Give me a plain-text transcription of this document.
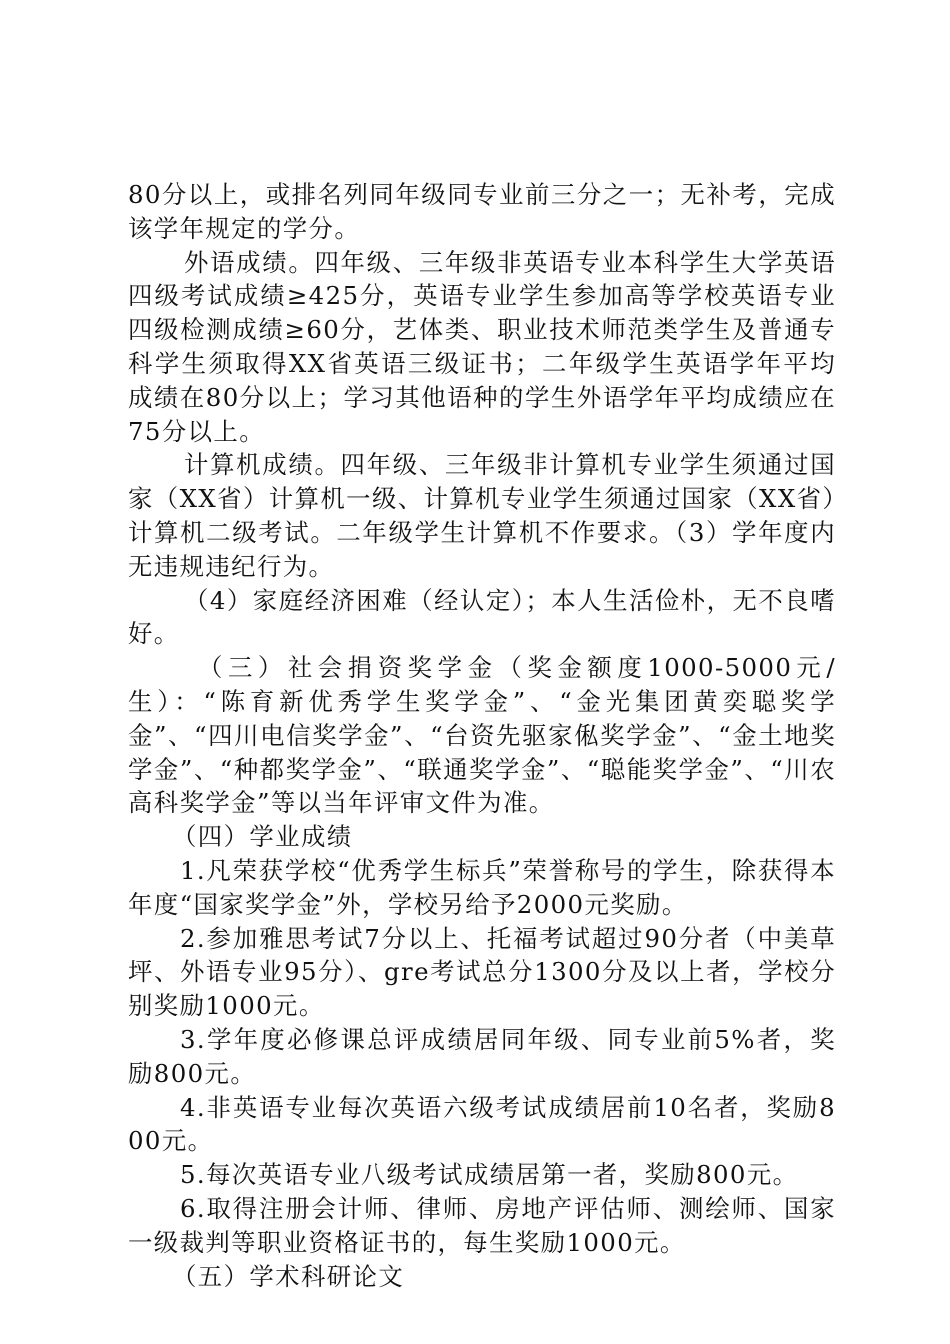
80分以上，或排名列同年级同专业前三分之一；无补考，完成该学年规定的学分。

外语成绩。四年级、三年级非英语专业本科学生大学英语四级考试成绩≥425分，英语专业学生参加高等学校英语专业四级检测成绩≥60分，艺体类、职业技术师范类学生及普通专科学生须取得XX省英语三级证书；二年级学生英语学年平均成绩在80分以上；学习其他语种的学生外语学年平均成绩应在75分以上。

计算机成绩。四年级、三年级非计算机专业学生须通过国家（XX省）计算机一级、计算机专业学生须通过国家（XX省）计算机二级考试。二年级学生计算机不作要求。（3）学年度内无违规违纪行为。

（4）家庭经济困难（经认定）；本人生活俭朴，无不良嗜好。

（三）社会捐资奖学金（奖金额度1000-5000元/生）：“陈育新优秀学生奖学金”、“金光集团黄奕聪奖学金”、“四川电信奖学金”、“台资先驱家俬奖学金”、“金土地奖学金”、“种都奖学金”、“联通奖学金”、“聪能奖学金”、“川农高科奖学金”等以当年评审文件为准。

（四）学业成绩

1.凡荣获学校“优秀学生标兵”荣誉称号的学生，除获得本年度“国家奖学金”外，学校另给予2000元奖励。

2.参加雅思考试7分以上、托福考试超过90分者（中美草坪、外语专业95分）、gre考试总分1300分及以上者，学校分别奖励1000元。

3.学年度必修课总评成绩居同年级、同专业前5%者，奖励800元。

4.非英语专业每次英语六级考试成绩居前10名者，奖励800元。

5.每次英语专业八级考试成绩居第一者，奖励800元。

6.取得注册会计师、律师、房地产评估师、测绘师、国家一级裁判等职业资格证书的，每生奖励1000元。

（五）学术科研论文
